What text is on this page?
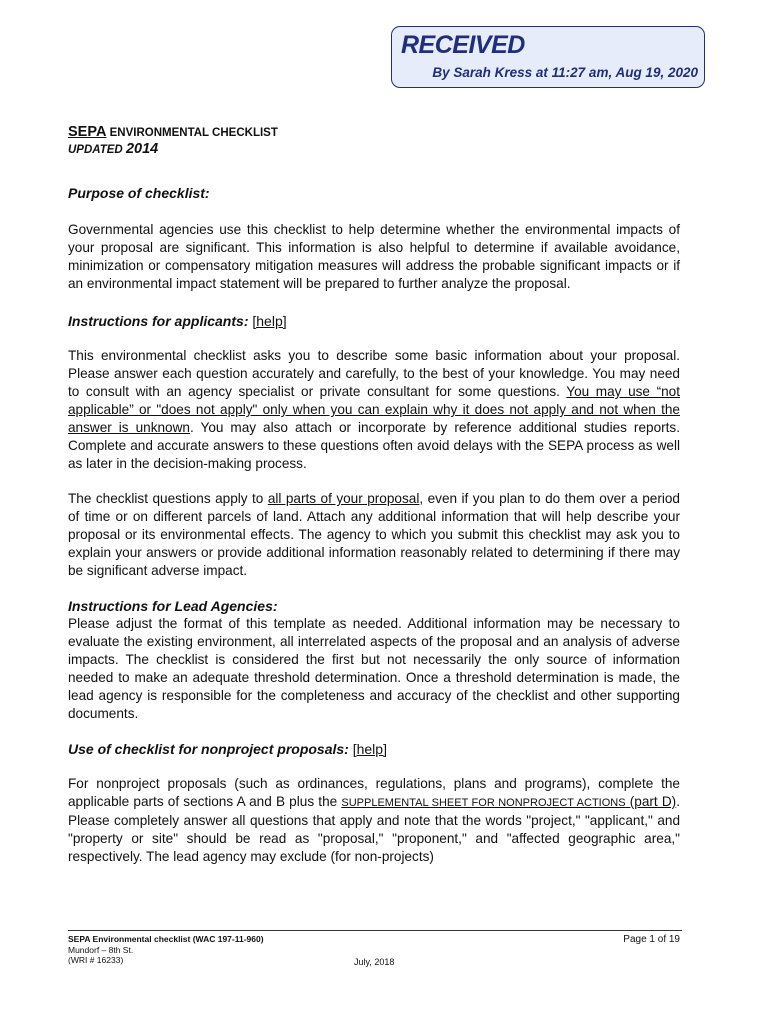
RECEIVED
By Sarah Kress at 11:27 am, Aug 19, 2020
SEPA ENVIRONMENTAL CHECKLIST
UPDATED 2014
Purpose of checklist:

Governmental agencies use this checklist to help determine whether the environmental impacts of your proposal are significant. This information is also helpful to determine if available avoidance, minimization or compensatory mitigation measures will address the probable significant impacts or if an environmental impact statement will be prepared to further analyze the proposal.

Instructions for applicants: [help]

This environmental checklist asks you to describe some basic information about your proposal. Please answer each question accurately and carefully, to the best of your knowledge. You may need to consult with an agency specialist or private consultant for some questions. You may use “not applicable” or "does not apply" only when you can explain why it does not apply and not when the answer is unknown. You may also attach or incorporate by reference additional studies reports. Complete and accurate answers to these questions often avoid delays with the SEPA process as well as later in the decision-making process.

The checklist questions apply to all parts of your proposal, even if you plan to do them over a period of time or on different parcels of land. Attach any additional information that will help describe your proposal or its environmental effects. The agency to which you submit this checklist may ask you to explain your answers or provide additional information reasonably related to determining if there may be significant adverse impact.

Instructions for Lead Agencies:

Please adjust the format of this template as needed. Additional information may be necessary to evaluate the existing environment, all interrelated aspects of the proposal and an analysis of adverse impacts. The checklist is considered the first but not necessarily the only source of information needed to make an adequate threshold determination. Once a threshold determination is made, the lead agency is responsible for the completeness and accuracy of the checklist and other supporting documents.

Use of checklist for nonproject proposals: [help]

For nonproject proposals (such as ordinances, regulations, plans and programs), complete the applicable parts of sections A and B plus the SUPPLEMENTAL SHEET FOR NONPROJECT ACTIONS (part D). Please completely answer all questions that apply and note that the words "project," "applicant," and "property or site" should be read as "proposal," "proponent," and "affected geographic area," respectively. The lead agency may exclude (for non-projects)

SEPA Environmental checklist (WAC 197-11-960)
Mundorf – 8th St.
(WRI # 16233)	July, 2018
Page 1 of 19
